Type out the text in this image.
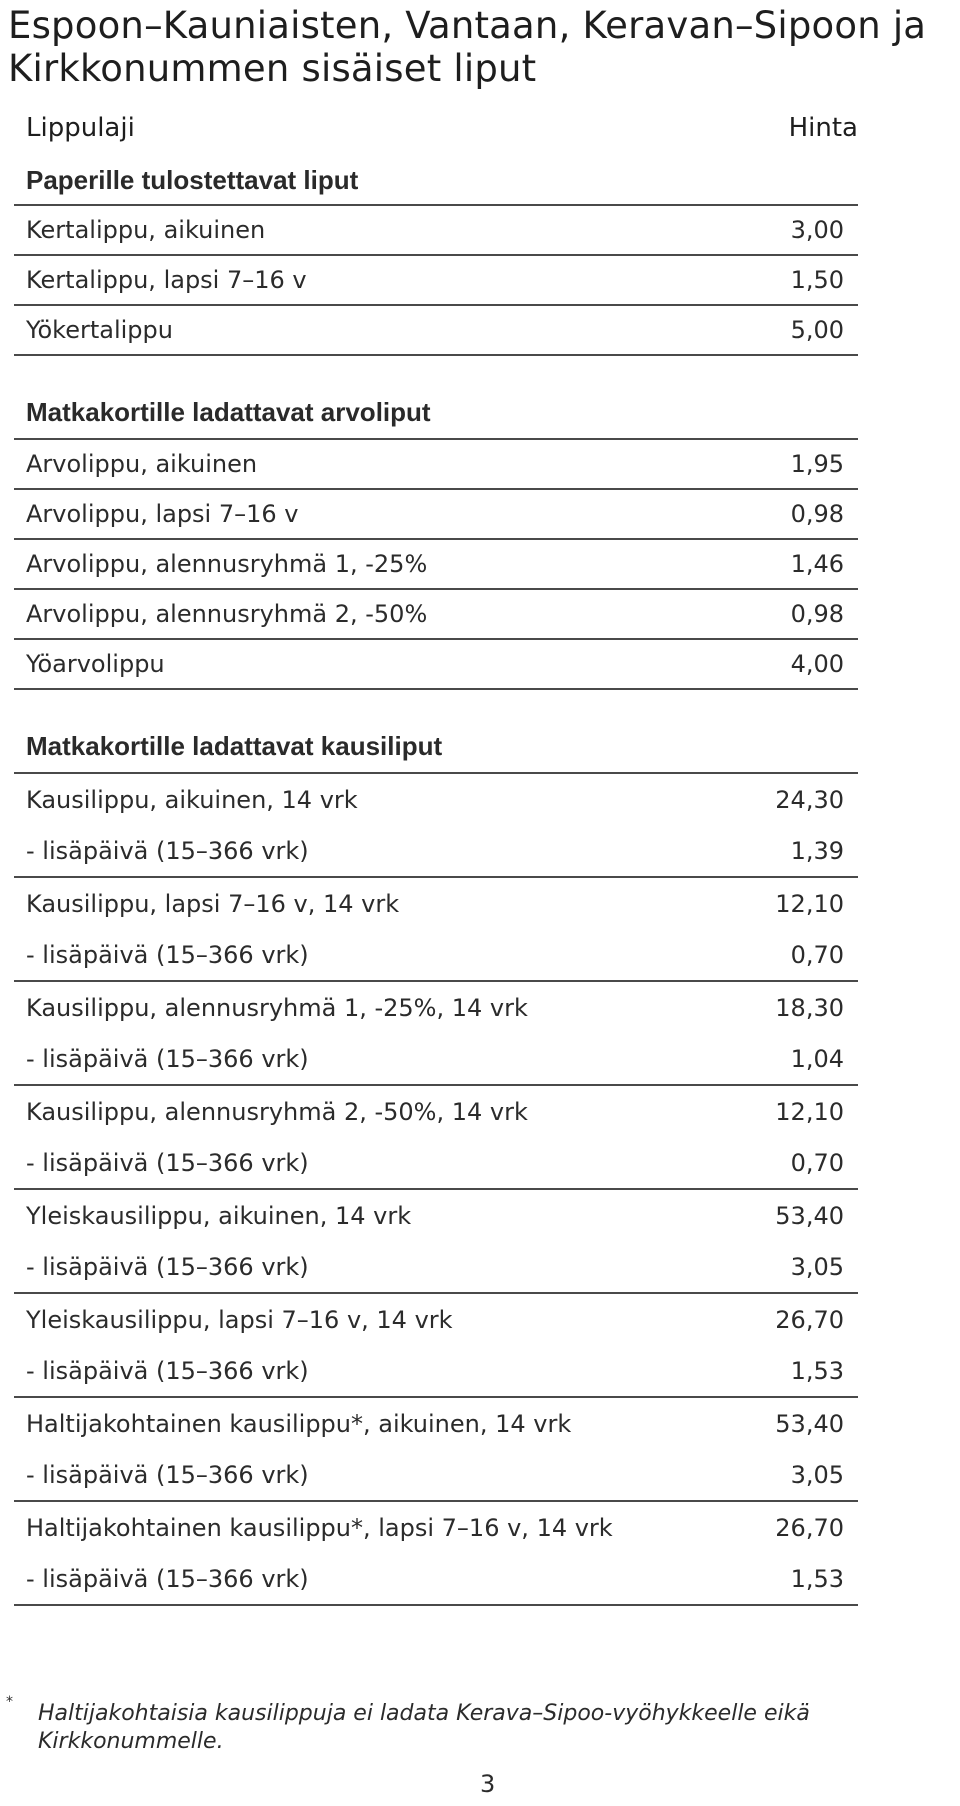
Espoon–Kauniaisten, Vantaan, Keravan–Sipoon ja
Kirkkonummen sisäiset liput
Lippulaji	Hinta
Paperille tulostettavat liput
Kertalippu, aikuinen	3,00
Kertalippu, lapsi 7–16 v	1,50
Yökertalippu	5,00
Matkakortille ladattavat arvoliput
Arvolippu, aikuinen	1,95
Arvolippu, lapsi 7–16 v	0,98
Arvolippu, alennusryhmä 1, -25%	1,46
Arvolippu, alennusryhmä 2, -50%	0,98
Yöarvolippu	4,00
Matkakortille ladattavat kausiliput
Kausilippu, aikuinen, 14 vrk	24,30
- lisäpäivä (15–366 vrk)	1,39
Kausilippu, lapsi 7–16 v, 14 vrk	12,10
- lisäpäivä (15–366 vrk)	0,70
Kausilippu, alennusryhmä 1, -25%, 14 vrk	18,30
- lisäpäivä (15–366 vrk)	1,04
Kausilippu, alennusryhmä 2, -50%, 14 vrk	12,10
- lisäpäivä (15–366 vrk)	0,70
Yleiskausilippu, aikuinen, 14 vrk	53,40
- lisäpäivä (15–366 vrk)	3,05
Yleiskausilippu, lapsi 7–16 v, 14 vrk	26,70
- lisäpäivä (15–366 vrk)	1,53
Haltijakohtainen kausilippu*, aikuinen, 14 vrk	53,40
- lisäpäivä (15–366 vrk)	3,05
Haltijakohtainen kausilippu*, lapsi 7–16 v, 14 vrk	26,70
- lisäpäivä (15–366 vrk)	1,53
* Haltijakohtaisia kausilippuja ei ladata Kerava–Sipoo-vyöhykkeelle eikä Kirkkonummelle.
3
